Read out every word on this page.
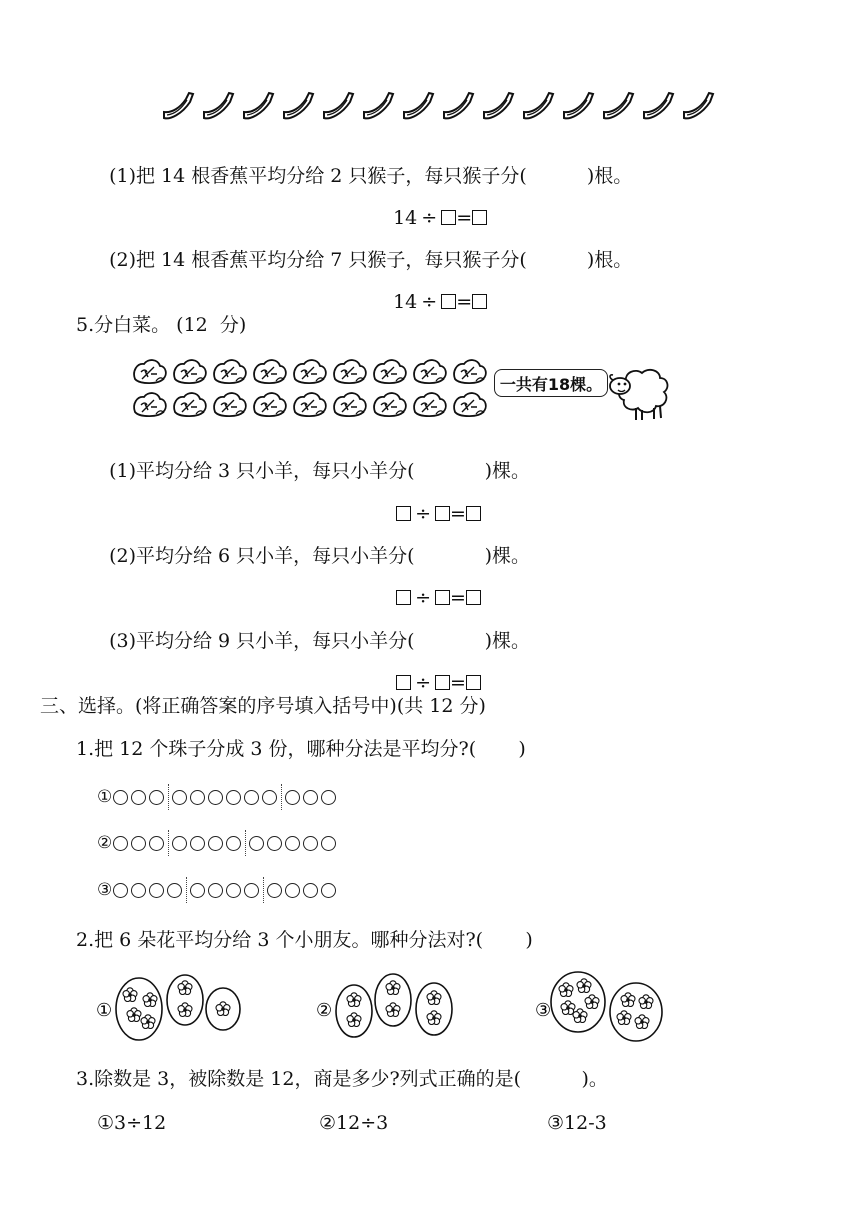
(1)把 14 根香蕉平均分给 2 只猴子，每只猴子分(	)根。

14 ÷ =

(2)把 14 根香蕉平均分给 7 只猴子，每只猴子分(	)根。

14 ÷ =

5.分白菜。 (12  分)
一共有18棵。

(1)平均分给 3 只小羊，每只小羊分(	)棵。

÷ =

(2)平均分给 6 只小羊，每只小羊分(	)棵。

÷ =

(3)平均分给 9 只小羊，每只小羊分(	)棵。

÷ =

三、选择。(将正确答案的序号填入括号中)(共 12 分)
1.把 12 个珠子分成 3 份，哪种分法是平均分?(       )
①
②
③
2.把 6 朵花平均分给 3 个小朋友。哪种分法对?(       )
①	②	③
3.除数是 3，被除数是 12，商是多少?列式正确的是(          )。
①3÷12	②12÷3	③12-3
